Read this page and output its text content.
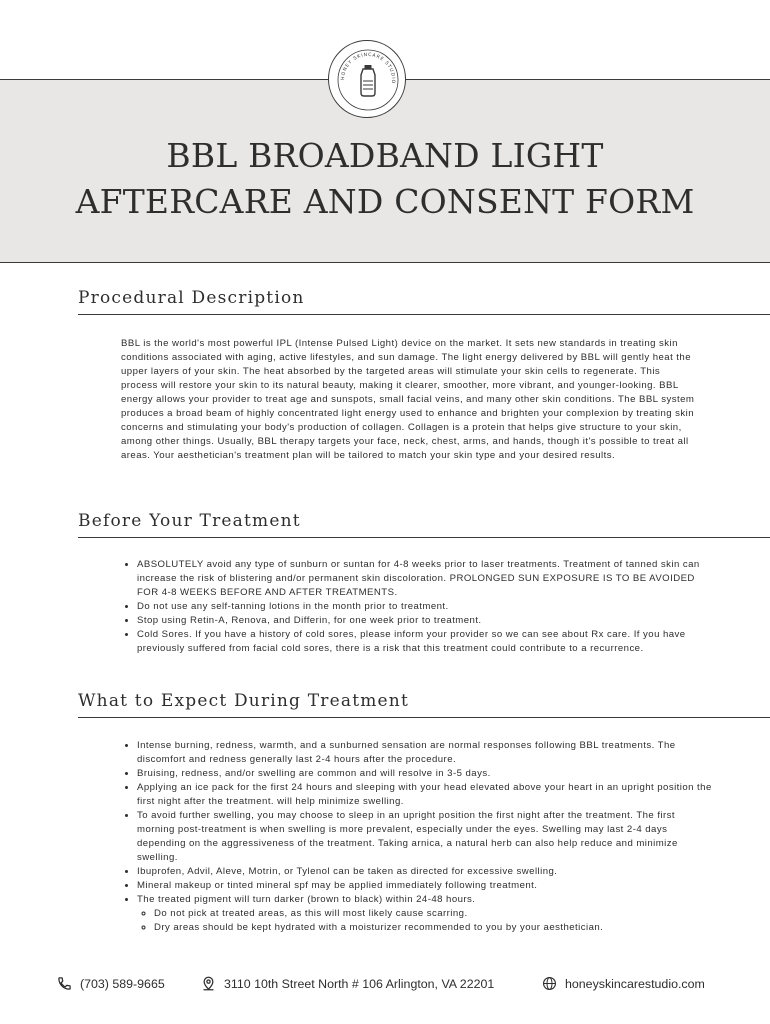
HONEY SKINCARE STUDIO
BBL BROADBAND LIGHT
AFTERCARE AND CONSENT FORM
Procedural Description

BBL is the world's most powerful IPL (Intense Pulsed Light) device on the market. It sets new standards in treating skin conditions associated with aging, active lifestyles, and sun damage. The light energy delivered by BBL will gently heat the upper layers of your skin. The heat absorbed by the targeted areas will stimulate your skin cells to regenerate. This process will restore your skin to its natural beauty, making it clearer, smoother, more vibrant, and younger-looking. BBL energy allows your provider to treat age and sunspots, small facial veins, and many other skin conditions. The BBL system produces a broad beam of highly concentrated light energy used to enhance and brighten your complexion by treating skin concerns and stimulating your body's production of collagen. Collagen is a protein that helps give structure to your skin, among other things. Usually, BBL therapy targets your face, neck, chest, arms, and hands, though it's possible to treat all areas. Your aesthetician's treatment plan will be tailored to match your skin type and your desired results.

Before Your Treatment
• ABSOLUTELY avoid any type of sunburn or suntan for 4-8 weeks prior to laser treatments. Treatment of tanned skin can increase the risk of blistering and/or permanent skin discoloration. PROLONGED SUN EXPOSURE IS TO BE AVOIDED FOR 4-8 WEEKS BEFORE AND AFTER TREATMENTS.
• Do not use any self-tanning lotions in the month prior to treatment.
• Stop using Retin-A, Renova, and Differin, for one week prior to treatment.
• Cold Sores. If you have a history of cold sores, please inform your provider so we can see about Rx care. If you have previously suffered from facial cold sores, there is a risk that this treatment could contribute to a recurrence.
What to Expect During Treatment
• Intense burning, redness, warmth, and a sunburned sensation are normal responses following BBL treatments. The discomfort and redness generally last 2-4 hours after the procedure.
• Bruising, redness, and/or swelling are common and will resolve in 3-5 days.
• Applying an ice pack for the first 24 hours and sleeping with your head elevated above your heart in an upright position the first night after the treatment. will help minimize swelling.
• To avoid further swelling, you may choose to sleep in an upright position the first night after the treatment. The first morning post-treatment is when swelling is more prevalent, especially under the eyes. Swelling may last 2-4 days depending on the aggressiveness of the treatment. Taking arnica, a natural herb can also help reduce and minimize swelling.
• Ibuprofen, Advil, Aleve, Motrin, or Tylenol can be taken as directed for excessive swelling.
• Mineral makeup or tinted mineral spf may be applied immediately following treatment.
• The treated pigment will turn darker (brown to black) within 24-48 hours.
◦ Do not pick at treated areas, as this will most likely cause scarring.
◦ Dry areas should be kept hydrated with a moisturizer recommended to you by your aesthetician.
(703) 589-9665	3110 10th Street North # 106 Arlington, VA 22201	honeyskincarestudio.com
